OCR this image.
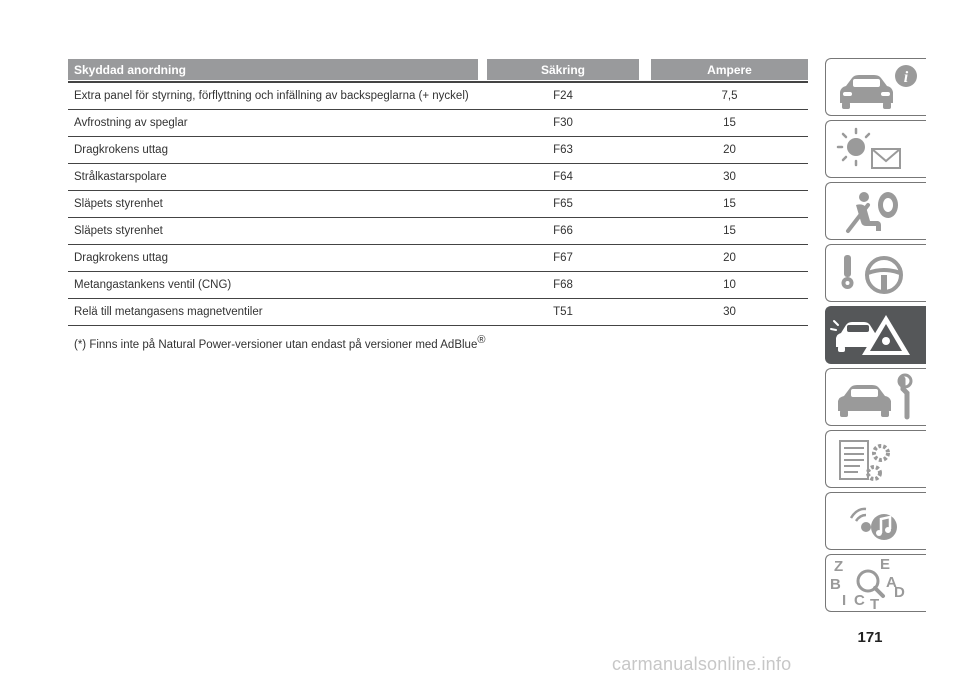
Skyddad anordning	Säkring	Ampere
Extra panel för styrning, förflyttning och infällning av backspeglarna (+ nyckel)	F24	7,5
Avfrostning av speglar	F30	15
Dragkrokens uttag	F63	20
Strålkastarspolare	F64	30
Släpets styrenhet	F65	15
Släpets styrenhet	F66	15
Dragkrokens uttag	F67	20
Metangastankens ventil (CNG)	F68	10
Relä till metangasens magnetventiler	T51	30
(*) Finns inte på Natural Power-versioner utan endast på versioner med AdBlue®
i
Z E
B	A
C T
D
I
171
carmanualsonline.info
